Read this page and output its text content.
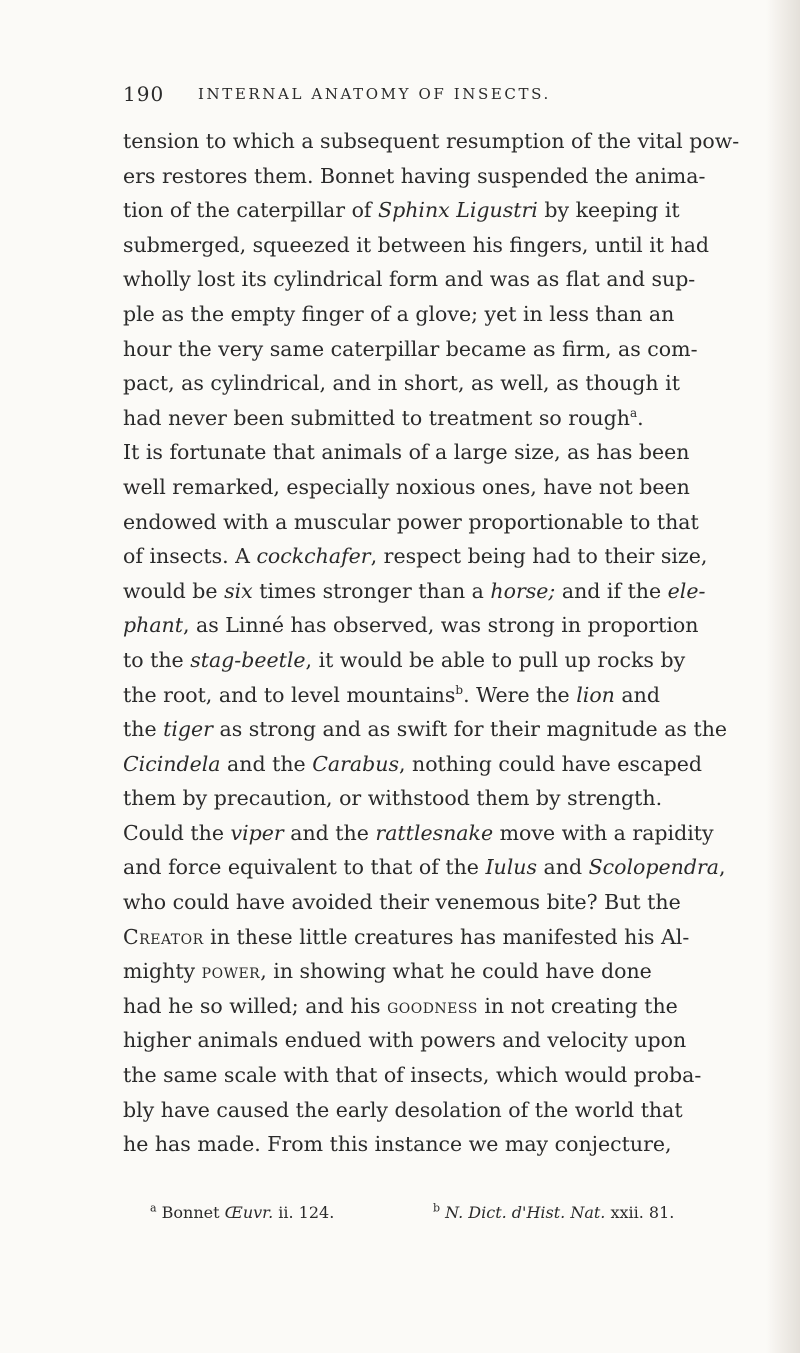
190 INTERNAL ANATOMY OF INSECTS.
tension to which a subsequent resumption of the vital pow-
ers restores them. Bonnet having suspended the anima-
tion of the caterpillar of Sphinx Ligustri by keeping it
submerged, squeezed it between his fingers, until it had
wholly lost its cylindrical form and was as flat and sup-
ple as the empty finger of a glove; yet in less than an
hour the very same caterpillar became as firm, as com-
pact, as cylindrical, and in short, as well, as though it
had never been submitted to treatment so rough$^a$.
It is fortunate that animals of a large size, as has been
well remarked, especially noxious ones, have not been
endowed with a muscular power proportionable to that
of insects. A cockchafer, respect being had to their size,
would be six times stronger than a horse; and if the ele-
phant, as Linné has observed, was strong in proportion
to the stag-beetle, it would be able to pull up rocks by
the root, and to level mountains$^b$. Were the lion and
the tiger as strong and as swift for their magnitude as the
Cicindela and the Carabus, nothing could have escaped
them by precaution, or withstood them by strength.
Could the viper and the rattlesnake move with a rapidity
and force equivalent to that of the Iulus and Scolopendra,
who could have avoided their venemous bite? But the
Creator in these little creatures has manifested his Al-
mighty power, in showing what he could have done
had he so willed; and his goodness in not creating the
higher animals endued with powers and velocity upon
the same scale with that of insects, which would proba-
bly have caused the early desolation of the world that
he has made. From this instance we may conjecture,
$^a$ Bonnet Œuvr. ii. 124.	$^b$ N. Dict. d'Hist. Nat. xxii. 81.
